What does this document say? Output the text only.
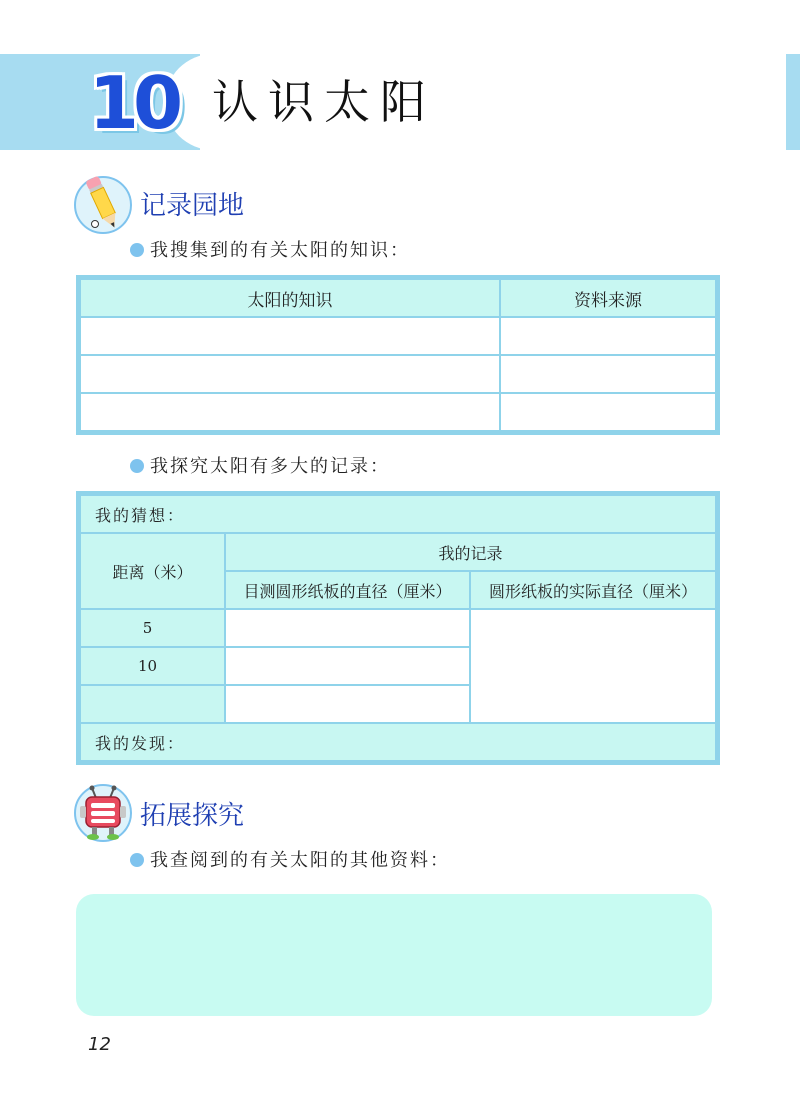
10 认识太阳
记录园地
我搜集到的有关太阳的知识：
太阳的知识	资料来源

我探究太阳有多大的记录：
我的猜想：		
距离（米）	我的记录	
	目测圆形纸板的直径（厘米）	圆形纸板的实际直径（厘米）
5		
10		

我的发现：		
拓展探究
我查阅到的有关太阳的其他资料：
12
